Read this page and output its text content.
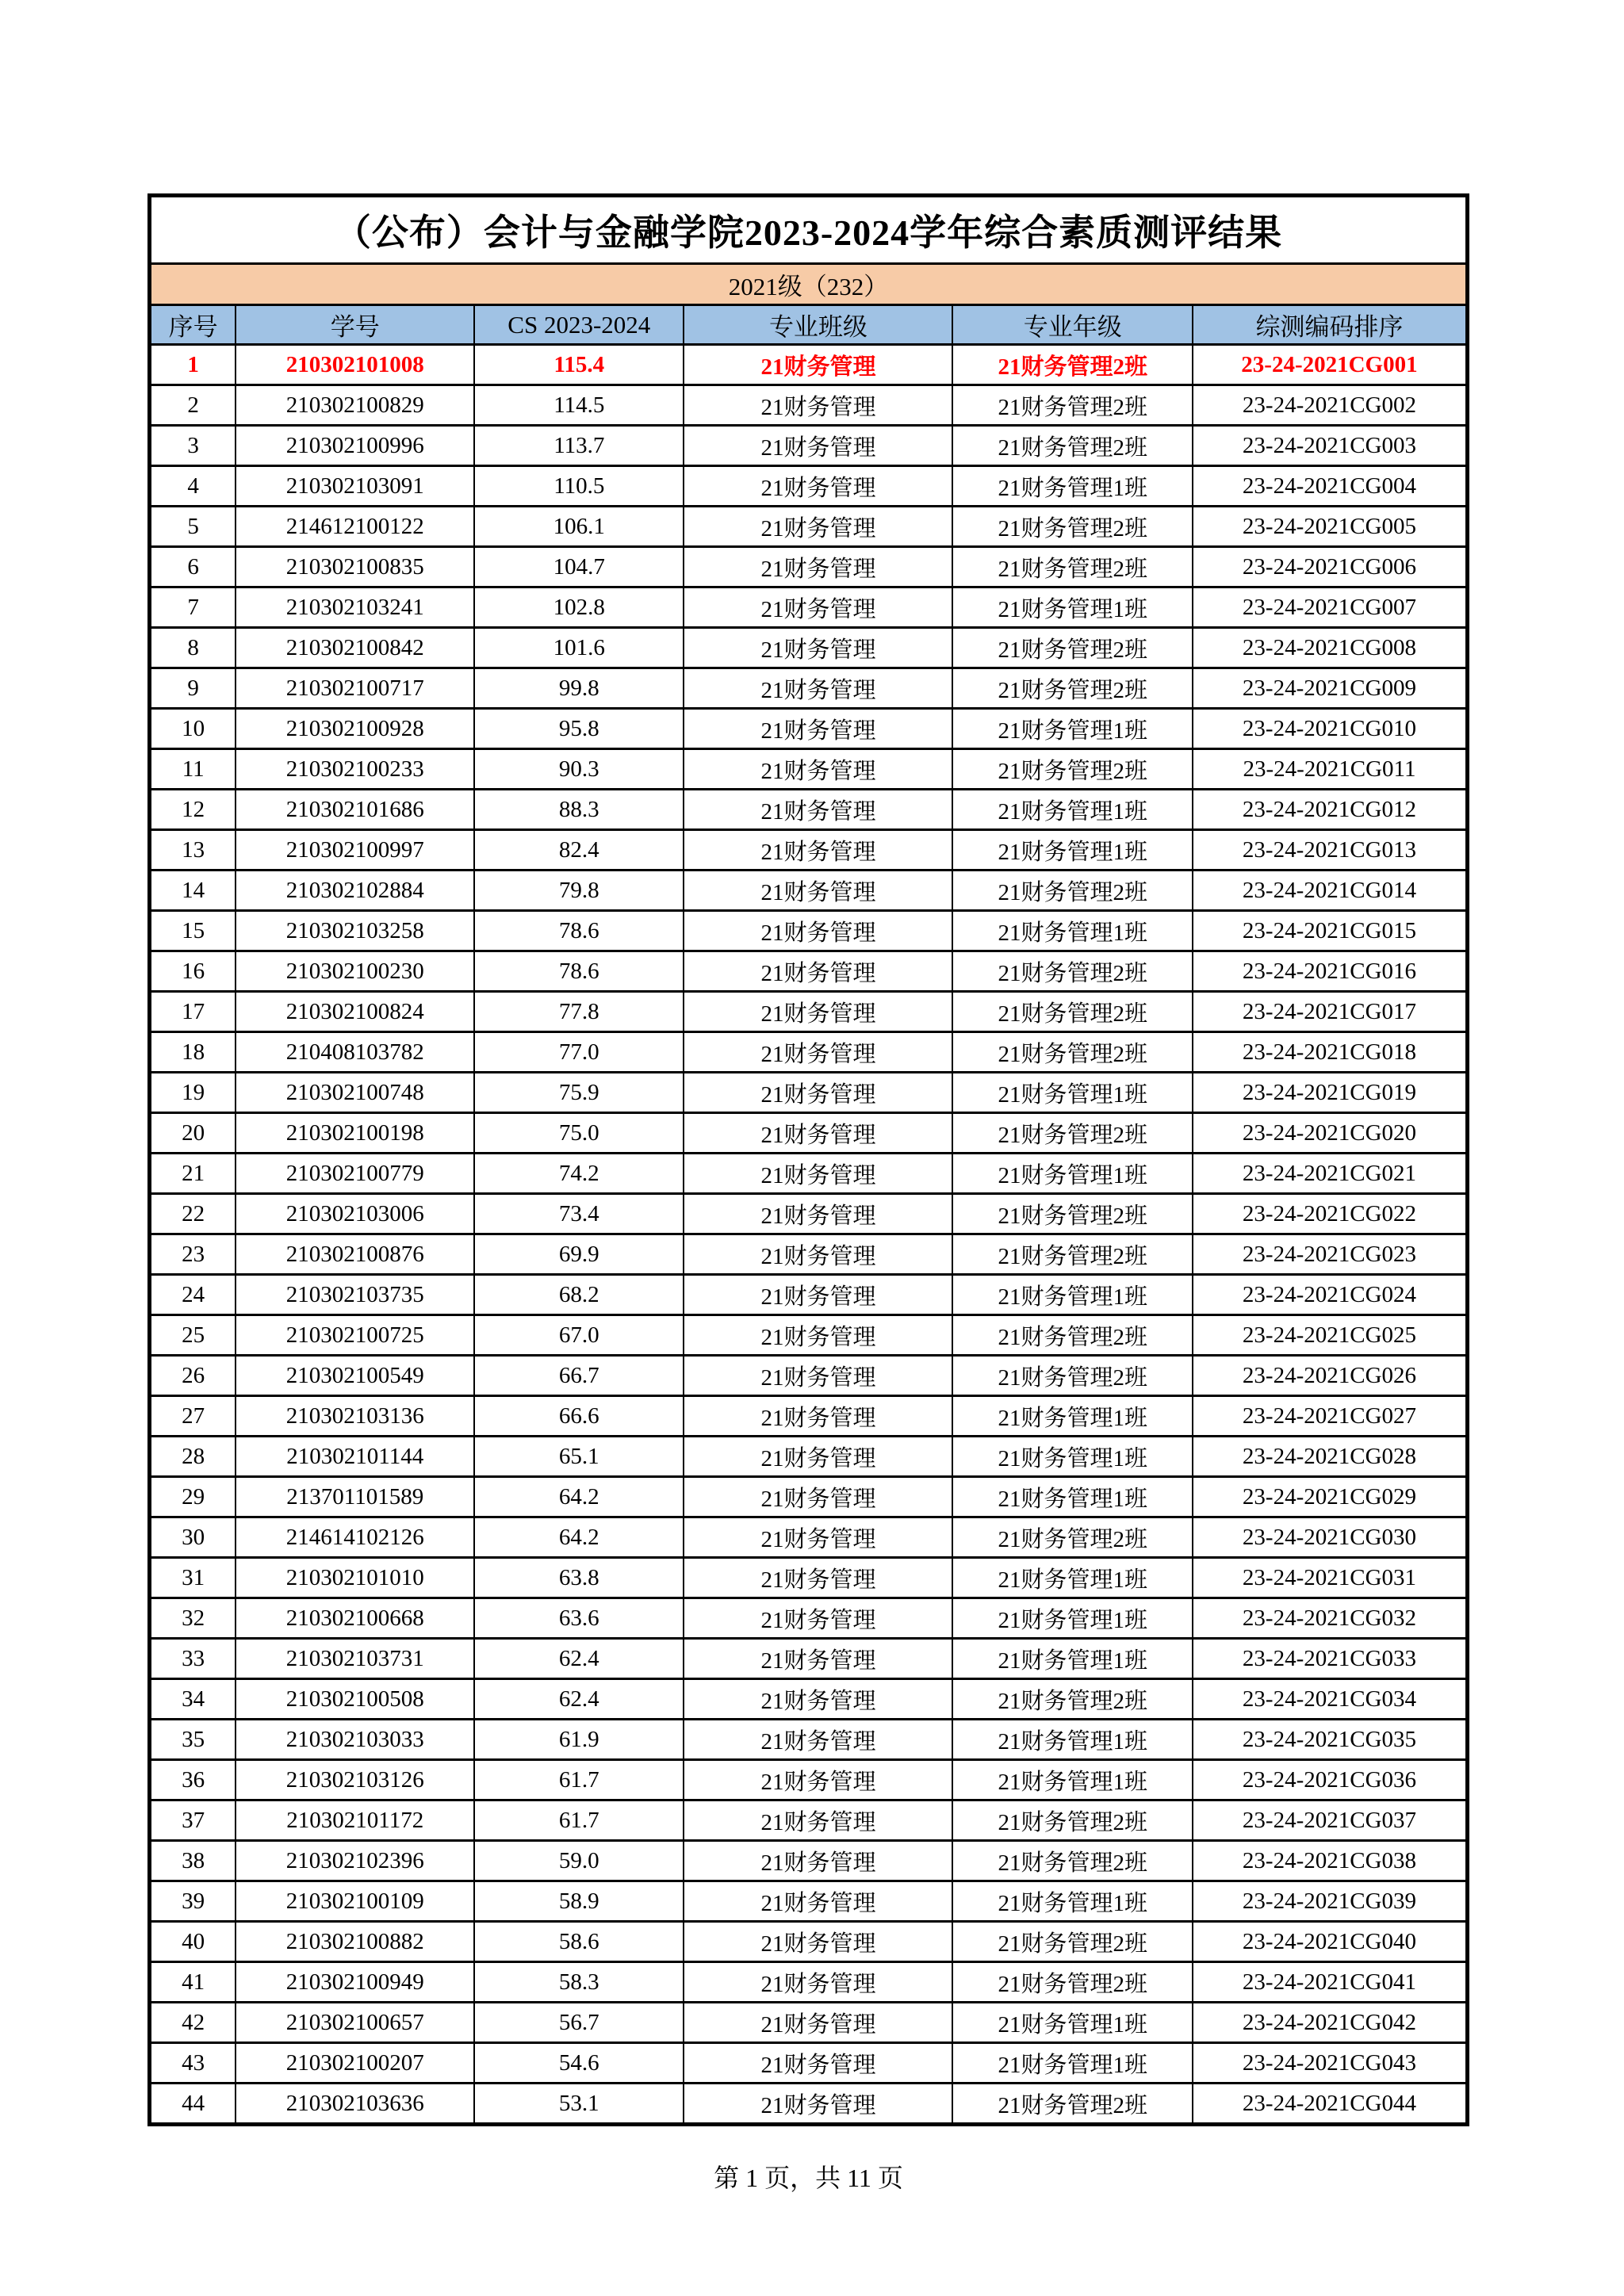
（公布）会计与金融学院2023-2024学年综合素质测评结果					
2021级（232）					
序号	学号	CS 2023-2024	专业班级	专业年级	综测编码排序
1	210302101008	115.4	21财务管理	21财务管理2班	23-24-2021CG001
2	210302100829	114.5	21财务管理	21财务管理2班	23-24-2021CG002
3	210302100996	113.7	21财务管理	21财务管理2班	23-24-2021CG003
4	210302103091	110.5	21财务管理	21财务管理1班	23-24-2021CG004
5	214612100122	106.1	21财务管理	21财务管理2班	23-24-2021CG005
6	210302100835	104.7	21财务管理	21财务管理2班	23-24-2021CG006
7	210302103241	102.8	21财务管理	21财务管理1班	23-24-2021CG007
8	210302100842	101.6	21财务管理	21财务管理2班	23-24-2021CG008
9	210302100717	99.8	21财务管理	21财务管理2班	23-24-2021CG009
10	210302100928	95.8	21财务管理	21财务管理1班	23-24-2021CG010
11	210302100233	90.3	21财务管理	21财务管理2班	23-24-2021CG011
12	210302101686	88.3	21财务管理	21财务管理1班	23-24-2021CG012
13	210302100997	82.4	21财务管理	21财务管理1班	23-24-2021CG013
14	210302102884	79.8	21财务管理	21财务管理2班	23-24-2021CG014
15	210302103258	78.6	21财务管理	21财务管理1班	23-24-2021CG015
16	210302100230	78.6	21财务管理	21财务管理2班	23-24-2021CG016
17	210302100824	77.8	21财务管理	21财务管理2班	23-24-2021CG017
18	210408103782	77.0	21财务管理	21财务管理2班	23-24-2021CG018
19	210302100748	75.9	21财务管理	21财务管理1班	23-24-2021CG019
20	210302100198	75.0	21财务管理	21财务管理2班	23-24-2021CG020
21	210302100779	74.2	21财务管理	21财务管理1班	23-24-2021CG021
22	210302103006	73.4	21财务管理	21财务管理2班	23-24-2021CG022
23	210302100876	69.9	21财务管理	21财务管理2班	23-24-2021CG023
24	210302103735	68.2	21财务管理	21财务管理1班	23-24-2021CG024
25	210302100725	67.0	21财务管理	21财务管理2班	23-24-2021CG025
26	210302100549	66.7	21财务管理	21财务管理2班	23-24-2021CG026
27	210302103136	66.6	21财务管理	21财务管理1班	23-24-2021CG027
28	210302101144	65.1	21财务管理	21财务管理1班	23-24-2021CG028
29	213701101589	64.2	21财务管理	21财务管理1班	23-24-2021CG029
30	214614102126	64.2	21财务管理	21财务管理2班	23-24-2021CG030
31	210302101010	63.8	21财务管理	21财务管理1班	23-24-2021CG031
32	210302100668	63.6	21财务管理	21财务管理1班	23-24-2021CG032
33	210302103731	62.4	21财务管理	21财务管理1班	23-24-2021CG033
34	210302100508	62.4	21财务管理	21财务管理2班	23-24-2021CG034
35	210302103033	61.9	21财务管理	21财务管理1班	23-24-2021CG035
36	210302103126	61.7	21财务管理	21财务管理1班	23-24-2021CG036
37	210302101172	61.7	21财务管理	21财务管理2班	23-24-2021CG037
38	210302102396	59.0	21财务管理	21财务管理2班	23-24-2021CG038
39	210302100109	58.9	21财务管理	21财务管理1班	23-24-2021CG039
40	210302100882	58.6	21财务管理	21财务管理2班	23-24-2021CG040
41	210302100949	58.3	21财务管理	21财务管理2班	23-24-2021CG041
42	210302100657	56.7	21财务管理	21财务管理1班	23-24-2021CG042
43	210302100207	54.6	21财务管理	21财务管理1班	23-24-2021CG043
44	210302103636	53.1	21财务管理	21财务管理2班	23-24-2021CG044
第 1 页，共 11 页
